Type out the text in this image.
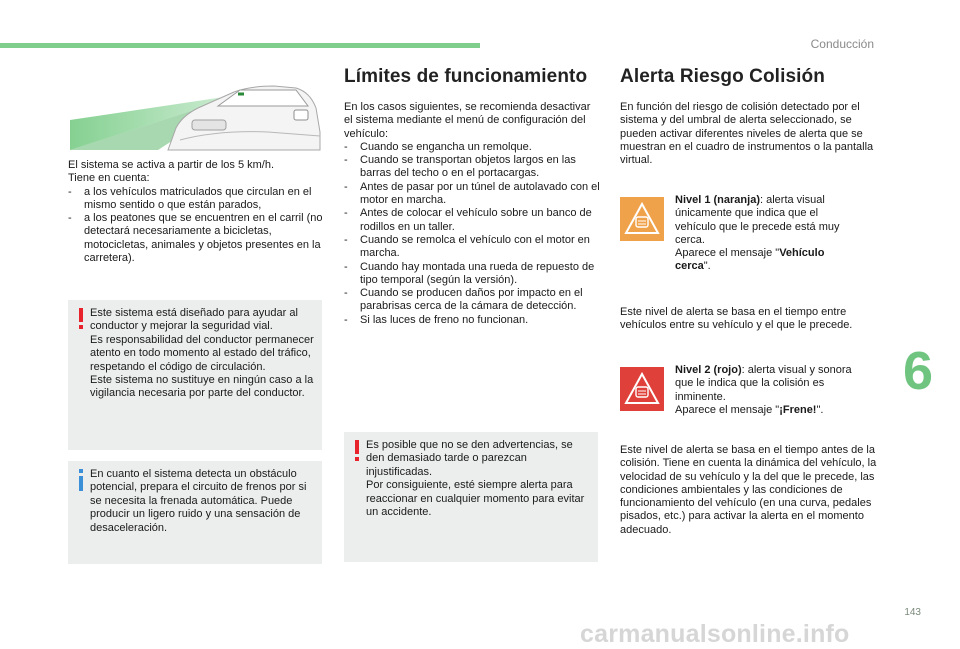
Conducción
6
143
carmanualsonline.info

El sistema se activa a partir de los 5 km/h.

Tiene en cuenta:

- a los vehículos matriculados que circulan en el mismo sentido o que están parados,
- a los peatones que se encuentren en el carril (no detectará necesariamente a bicicletas, motocicletas, animales y objetos presentes en la carretera).
Este sistema está diseñado para ayudar al conductor y mejorar la seguridad vial.
Es responsabilidad del conductor permanecer atento en todo momento al estado del tráfico, respetando el código de circulación.
Este sistema no sustituye en ningún caso a la vigilancia necesaria por parte del conductor.
En cuanto el sistema detecta un obstáculo potencial, prepara el circuito de frenos por si se necesita la frenada automática. Puede producir un ligero ruido y una sensación de desaceleración.
Límites de funcionamiento

En los casos siguientes, se recomienda desactivar el sistema mediante el menú de configuración del vehículo:

- Cuando se engancha un remolque.
- Cuando se transportan objetos largos en las barras del techo o en el portacargas.
- Antes de pasar por un túnel de autolavado con el motor en marcha.
- Antes de colocar el vehículo sobre un banco de rodillos en un taller.
- Cuando se remolca el vehículo con el motor en marcha.
- Cuando hay montada una rueda de repuesto de tipo temporal (según la versión).
- Cuando se producen daños por impacto en el parabrisas cerca de la cámara de detección.
- Si las luces de freno no funcionan.
Es posible que no se den advertencias, se den demasiado tarde o parezcan injustificadas.
Por consiguiente, esté siempre alerta para reaccionar en cualquier momento para evitar un accidente.
Alerta Riesgo Colisión

En función del riesgo de colisión detectado por el sistema y del umbral de alerta seleccionado, se pueden activar diferentes niveles de alerta que se muestran en el cuadro de instrumentos o la pantalla virtual.

Nivel 1 (naranja): alerta visual únicamente que indica que el vehículo que le precede está muy cerca.
Aparece el mensaje "Vehículo cerca".

Este nivel de alerta se basa en el tiempo entre vehículos entre su vehículo y el que le precede.

Nivel 2 (rojo): alerta visual y sonora que le indica que la colisión es inminente.
Aparece el mensaje "¡Frene!".

Este nivel de alerta se basa en el tiempo antes de la colisión. Tiene en cuenta la dinámica del vehículo, la velocidad de su vehículo y la del que le precede, las condiciones ambientales y las condiciones de funcionamiento del vehículo (en una curva, pedales pisados, etc.) para activar la alerta en el momento adecuado.
